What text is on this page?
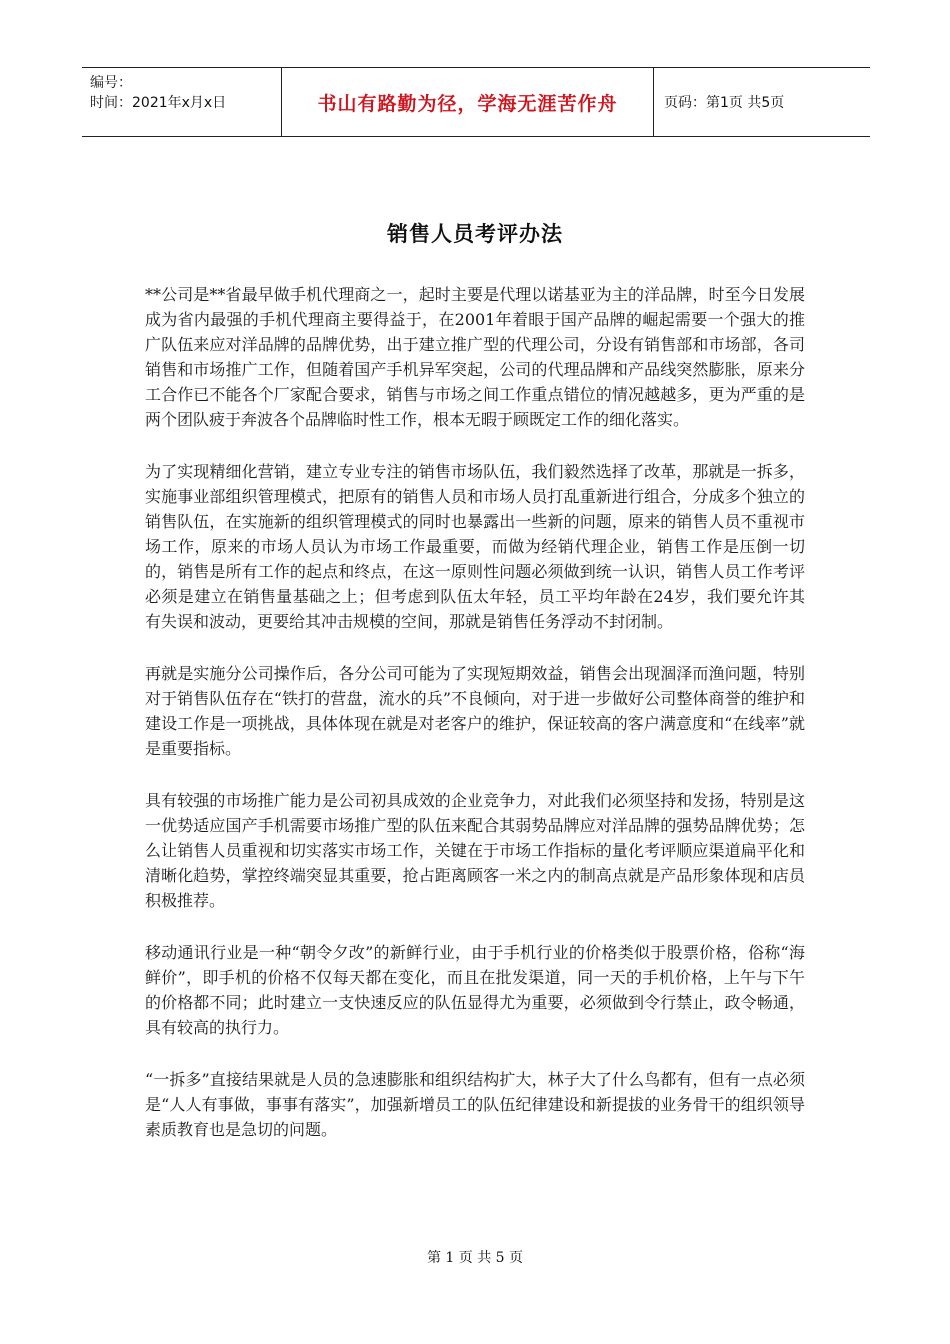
编号：
时间：2021年x月x日	书山有路勤为径，学海无涯苦作舟	页码：第1页 共5页
销售人员考评办法

**公司是**省最早做手机代理商之一，起时主要是代理以诺基亚为主的洋品牌，时至今日发展成为省内最强的手机代理商主要得益于，在2001年着眼于国产品牌的崛起需要一个强大的推广队伍来应对洋品牌的品牌优势，出于建立推广型的代理公司，分设有销售部和市场部，各司销售和市场推广工作，但随着国产手机异军突起，公司的代理品牌和产品线突然膨胀，原来分工合作已不能各个厂家配合要求，销售与市场之间工作重点错位的情况越越多，更为严重的是两个团队疲于奔波各个品牌临时性工作，根本无暇于顾既定工作的细化落实。

为了实现精细化营销，建立专业专注的销售市场队伍，我们毅然选择了改革，那就是一拆多，实施事业部组织管理模式，把原有的销售人员和市场人员打乱重新进行组合，分成多个独立的销售队伍，在实施新的组织管理模式的同时也暴露出一些新的问题，原来的销售人员不重视市场工作，原来的市场人员认为市场工作最重要，而做为经销代理企业，销售工作是压倒一切的，销售是所有工作的起点和终点，在这一原则性问题必须做到统一认识，销售人员工作考评必须是建立在销售量基础之上；但考虑到队伍太年轻，员工平均年龄在24岁，我们要允许其有失误和波动，更要给其冲击规模的空间，那就是销售任务浮动不封闭制。

再就是实施分公司操作后，各分公司可能为了实现短期效益，销售会出现涸泽而渔问题，特别对于销售队伍存在“铁打的营盘，流水的兵”不良倾向，对于进一步做好公司整体商誉的维护和建设工作是一项挑战，具体体现在就是对老客户的维护，保证较高的客户满意度和“在线率”就是重要指标。

具有较强的市场推广能力是公司初具成效的企业竞争力，对此我们必须坚持和发扬，特别是这一优势适应国产手机需要市场推广型的队伍来配合其弱势品牌应对洋品牌的强势品牌优势；怎么让销售人员重视和切实落实市场工作，关键在于市场工作指标的量化考评顺应渠道扁平化和清晰化趋势，掌控终端突显其重要，抢占距离顾客一米之内的制高点就是产品形象体现和店员积极推荐。

移动通讯行业是一种“朝令夕改”的新鲜行业，由于手机行业的价格类似于股票价格，俗称“海鲜价”，即手机的价格不仅每天都在变化，而且在批发渠道，同一天的手机价格，上午与下午的价格都不同；此时建立一支快速反应的队伍显得尤为重要，必须做到令行禁止，政令畅通，具有较高的执行力。

“一拆多”直接结果就是人员的急速膨胀和组织结构扩大，林子大了什么鸟都有，但有一点必须是“人人有事做，事事有落实”，加强新增员工的队伍纪律建设和新提拔的业务骨干的组织领导素质教育也是急切的问题。

第 1 页 共 5 页
